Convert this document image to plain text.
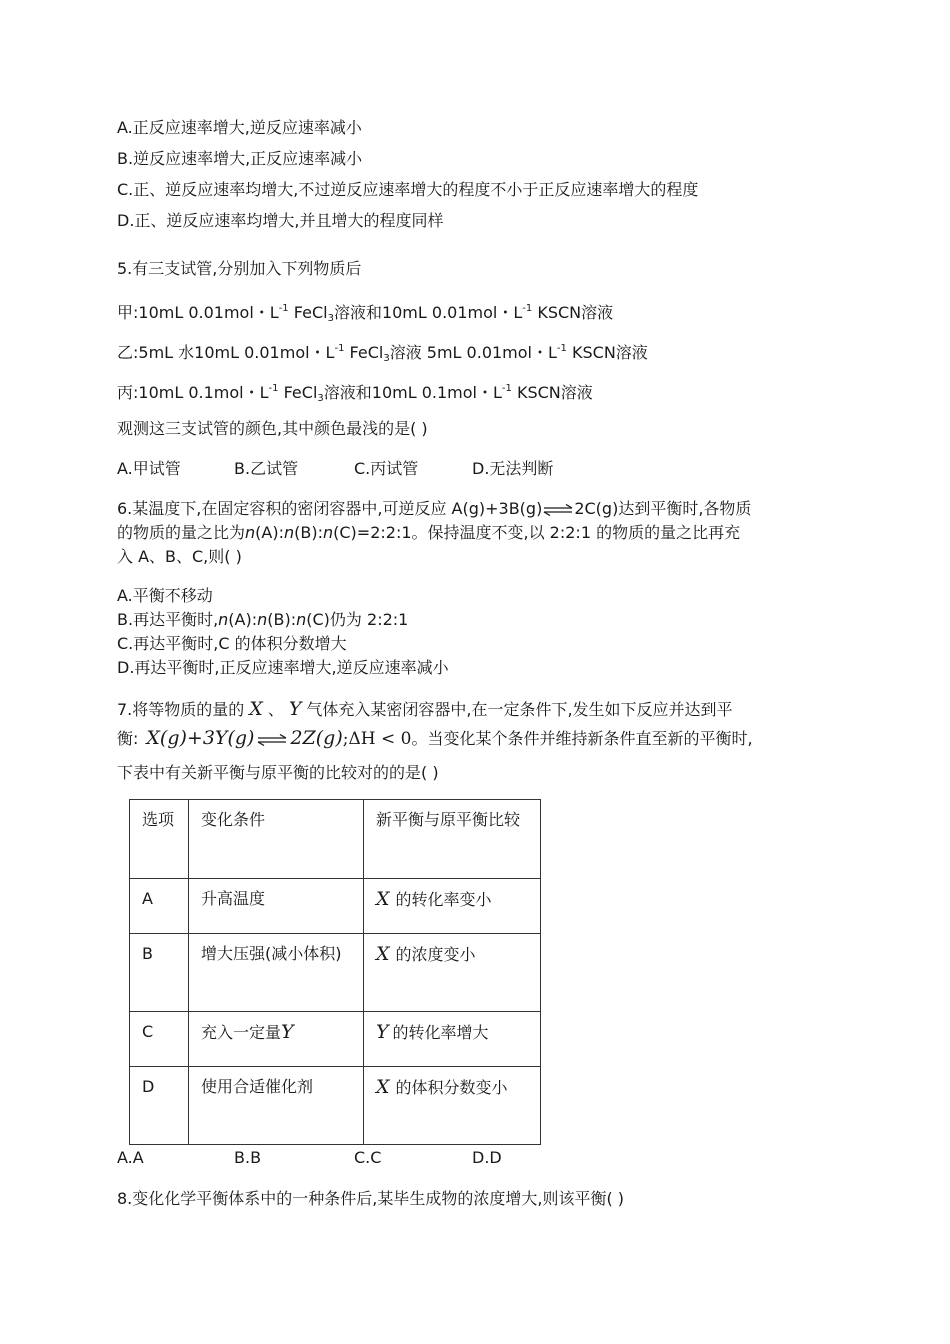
A.正反应速率增大,逆反应速率减小
B.逆反应速率增大,正反应速率减小
C.正、逆反应速率均增大,不过逆反应速率增大的程度不小于正反应速率增大的程度
D.正、逆反应速率均增大,并且增大的程度同样
5.有三支试管,分别加入下列物质后
甲:10mL 0.01mol・$L^{-1}$ FeCl$_3$溶液和10mL 0.01mol・$L^{-1}$ KSCN溶液
乙:5mL 水10mL 0.01mol・$L^{-1}$ FeCl$_3$溶液 5mL 0.01mol・$L^{-1}$ KSCN溶液
丙:10mL 0.1mol・$L^{-1}$ FeCl$_3$溶液和10mL 0.1mol・$L^{-1}$ KSCN溶液
观测这三支试管的颜色,其中颜色最浅的是( )
A.甲试管	B.乙试管	C.丙试管	D.无法判断
6.某温度下,在固定容积的密闭容器中,可逆反应 A(g)+3B(g)⇌2C(g)达到平衡时,各物质
的物质的量之比为n(A):n(B):n(C)=2:2:1。保持温度不变,以 2:2:1 的物质的量之比再充
入 A、B、C,则( )
A.平衡不移动
B.再达平衡时,n(A):n(B):n(C)仍为 2:2:1
C.再达平衡时,C 的体积分数增大
D.再达平衡时,正反应速率增大,逆反应速率减小
7.将等物质的量的 X 、 Y 气体充入某密闭容器中,在一定条件下,发生如下反应并达到平
衡: X(g)+3Y(g)⇌2Z(g);ΔH < 0。当变化某个条件并维持新条件直至新的平衡时,
下表中有关新平衡与原平衡的比较对的的是( )
选项	变化条件	新平衡与原平衡比较
A	升高温度	X 的转化率变小
B	增大压强(减小体积)	X 的浓度变小
C	充入一定量Y	Y 的转化率增大
D	使用合适催化剂	X 的体积分数变小
A.A	B.B	C.C	D.D
8.变化化学平衡体系中的一种条件后,某毕生成物的浓度增大,则该平衡( )
